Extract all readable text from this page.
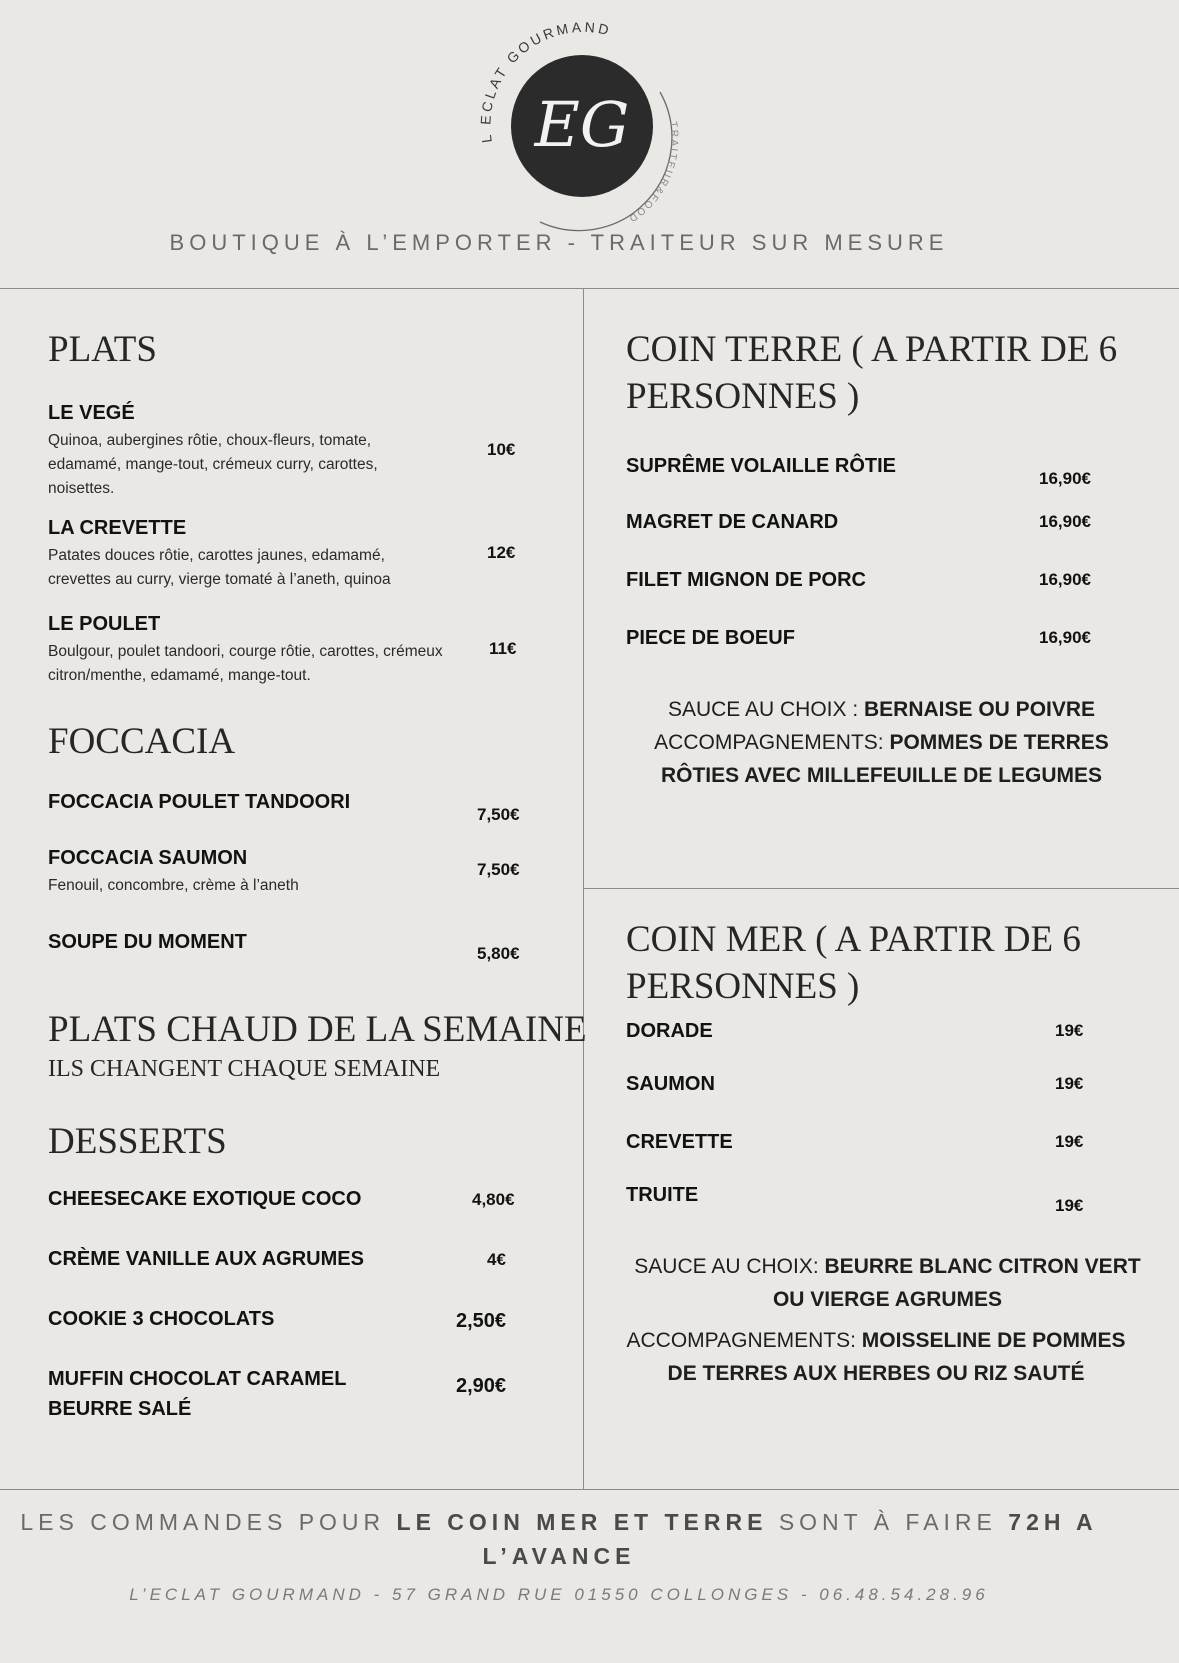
L ECLAT GOURMAND
TRAITEUR&FOOD
EG
BOUTIQUE À L’EMPORTER - TRAITEUR SUR MESURE
PLATS
LE VEGÉ
Quinoa, aubergines rôtie, choux-fleurs, tomate, edamamé, mange-tout, crémeux curry, carottes, noisettes.
10€
LA CREVETTE
Patates douces rôtie, carottes jaunes, edamamé, crevettes au curry, vierge tomaté à l’aneth, quinoa
12€
LE POULET
Boulgour, poulet tandoori, courge rôtie, carottes, crémeux citron/menthe, edamamé, mange-tout.
11€
FOCCACIA
FOCCACIA POULET TANDOORI
7,50€
FOCCACIA SAUMON
Fenouil, concombre, crème à l’aneth
7,50€
SOUPE DU MOMENT
5,80€
PLATS CHAUD DE LA SEMAINE
ILS CHANGENT CHAQUE SEMAINE
DESSERTS
CHEESECAKE EXOTIQUE COCO	4,80€
CRÈME VANILLE AUX AGRUMES	4€
COOKIE 3 CHOCOLATS	2,50€
MUFFIN CHOCOLAT CARAMEL
BEURRE SALÉ
2,90€
COIN TERRE ( A PARTIR DE 6
PERSONNES )
SUPRÊME VOLAILLE RÔTIE
16,90€
MAGRET DE CANARD	16,90€
FILET MIGNON DE PORC	16,90€
PIECE DE BOEUF	16,90€
SAUCE AU CHOIX : BERNAISE OU POIVRE
ACCOMPAGNEMENTS: POMMES DE TERRES
RÔTIES AVEC MILLEFEUILLE DE LEGUMES
COIN MER ( A PARTIR DE 6
PERSONNES )
DORADE	19€
SAUMON	19€
CREVETTE	19€
TRUITE	19€
SAUCE AU CHOIX: BEURRE BLANC CITRON VERT
OU VIERGE AGRUMES
ACCOMPAGNEMENTS: MOISSELINE DE POMMES
DE TERRES AUX HERBES OU RIZ SAUTÉ
LES COMMANDES POUR LE COIN MER ET TERRE SONT À FAIRE 72H A
L’AVANCE
L’ECLAT GOURMAND - 57 GRAND RUE 01550 COLLONGES - 06.48.54.28.96
